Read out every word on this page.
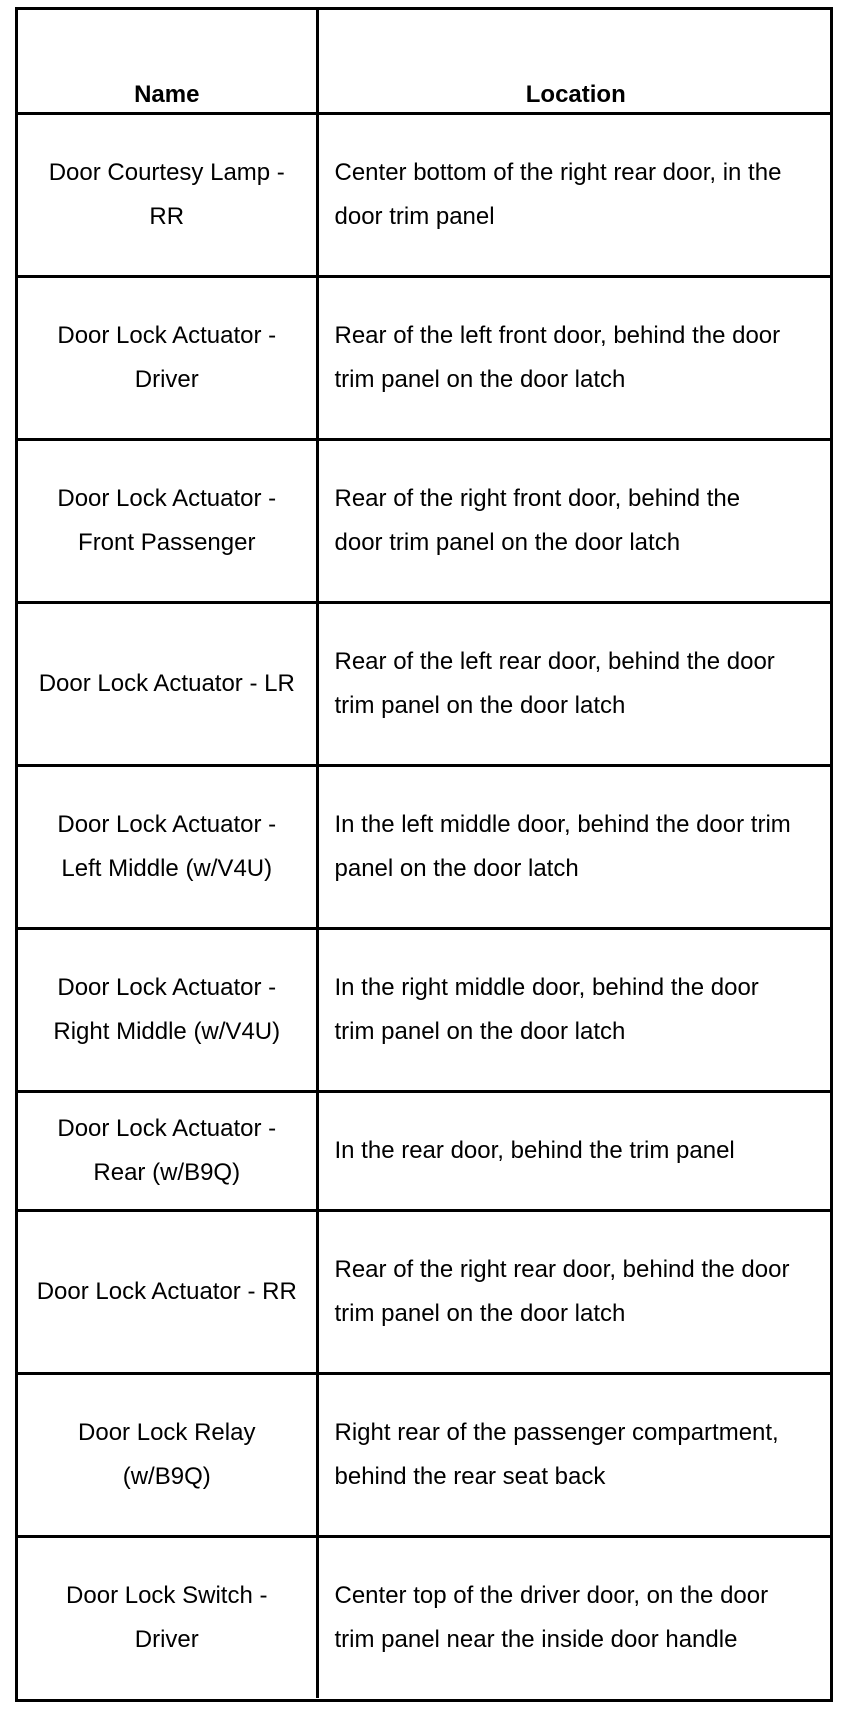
Name	Location
Door Courtesy Lamp - RR	Center bottom of the right rear door, in the door trim panel
Door Lock Actuator - Driver	Rear of the left front door, behind the door trim panel on the door latch
Door Lock Actuator - Front Passenger	Rear of the right front door, behind the door trim panel on the door latch
Door Lock Actuator - LR	Rear of the left rear door, behind the door trim panel on the door latch
Door Lock Actuator - Left Middle (w/V4U)	In the left middle door, behind the door trim panel on the door latch
Door Lock Actuator - Right Middle (w/V4U)	In the right middle door, behind the door trim panel on the door latch
Door Lock Actuator - Rear (w/B9Q)	In the rear door, behind the trim panel
Door Lock Actuator - RR	Rear of the right rear door, behind the door trim panel on the door latch
Door Lock Relay (w/B9Q)	Right rear of the passenger compartment, behind the rear seat back
Door Lock Switch - Driver	Center top of the driver door, on the door trim panel near the inside door handle
